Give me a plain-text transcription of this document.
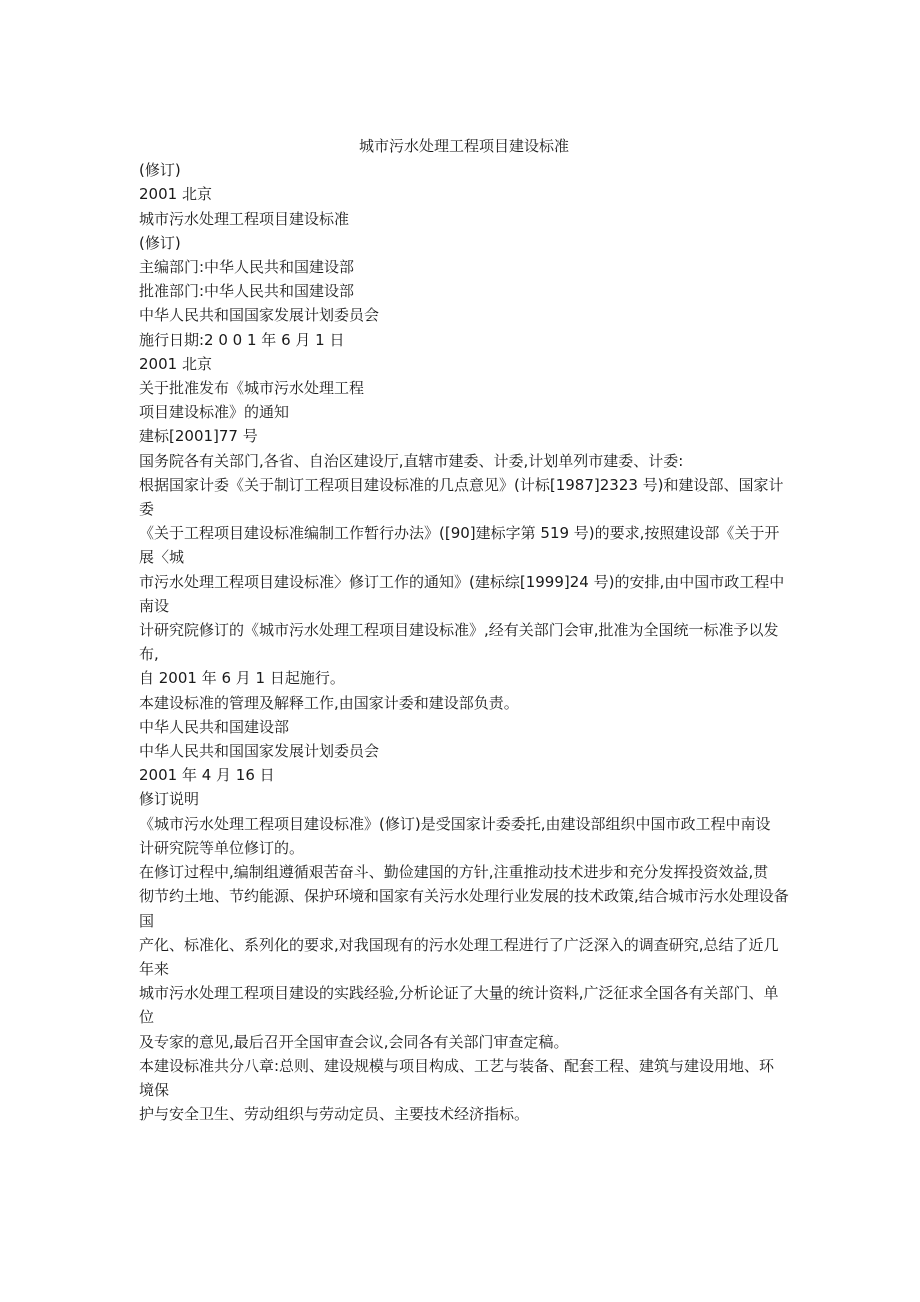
城市污水处理工程项目建设标准

(修订)

2001 北京

城市污水处理工程项目建设标准

(修订)

主编部门:中华人民共和国建设部

批准部门:中华人民共和国建设部

中华人民共和国国家发展计划委员会

施行日期:2 0 0 1 年 6 月 1 日

2001 北京

关于批准发布《城市污水处理工程

项目建设标准》的通知

建标[2001]77 号

国务院各有关部门,各省、自治区建设厅,直辖市建委、计委,计划单列市建委、计委:

根据国家计委《关于制订工程项目建设标准的几点意见》(计标[1987]2323 号)和建设部、国家计委

《关于工程项目建设标准编制工作暂行办法》([90]建标字第 519 号)的要求,按照建设部《关于开展〈城

市污水处理工程项目建设标准〉修订工作的通知》(建标综[1999]24 号)的安排,由中国市政工程中南设

计研究院修订的《城市污水处理工程项目建设标准》,经有关部门会审,批准为全国统一标准予以发布,

自 2001 年 6 月 1 日起施行。

本建设标准的管理及解释工作,由国家计委和建设部负责。

中华人民共和国建设部

中华人民共和国国家发展计划委员会

2001 年 4 月 16 日

修订说明

《城市污水处理工程项目建设标准》(修订)是受国家计委委托,由建设部组织中国市政工程中南设

计研究院等单位修订的。

在修订过程中,编制组遵循艰苦奋斗、勤俭建国的方针,注重推动技术进步和充分发挥投资效益,贯

彻节约土地、节约能源、保护环境和国家有关污水处理行业发展的技术政策,结合城市污水处理设备国

产化、标准化、系列化的要求,对我国现有的污水处理工程进行了广泛深入的调查研究,总结了近几年来

城市污水处理工程项目建设的实践经验,分析论证了大量的统计资料,广泛征求全国各有关部门、单位

及专家的意见,最后召开全国审查会议,会同各有关部门审查定稿。

本建设标准共分八章:总则、建设规模与项目构成、工艺与装备、配套工程、建筑与建设用地、环境保

护与安全卫生、劳动组织与劳动定员、主要技术经济指标。
